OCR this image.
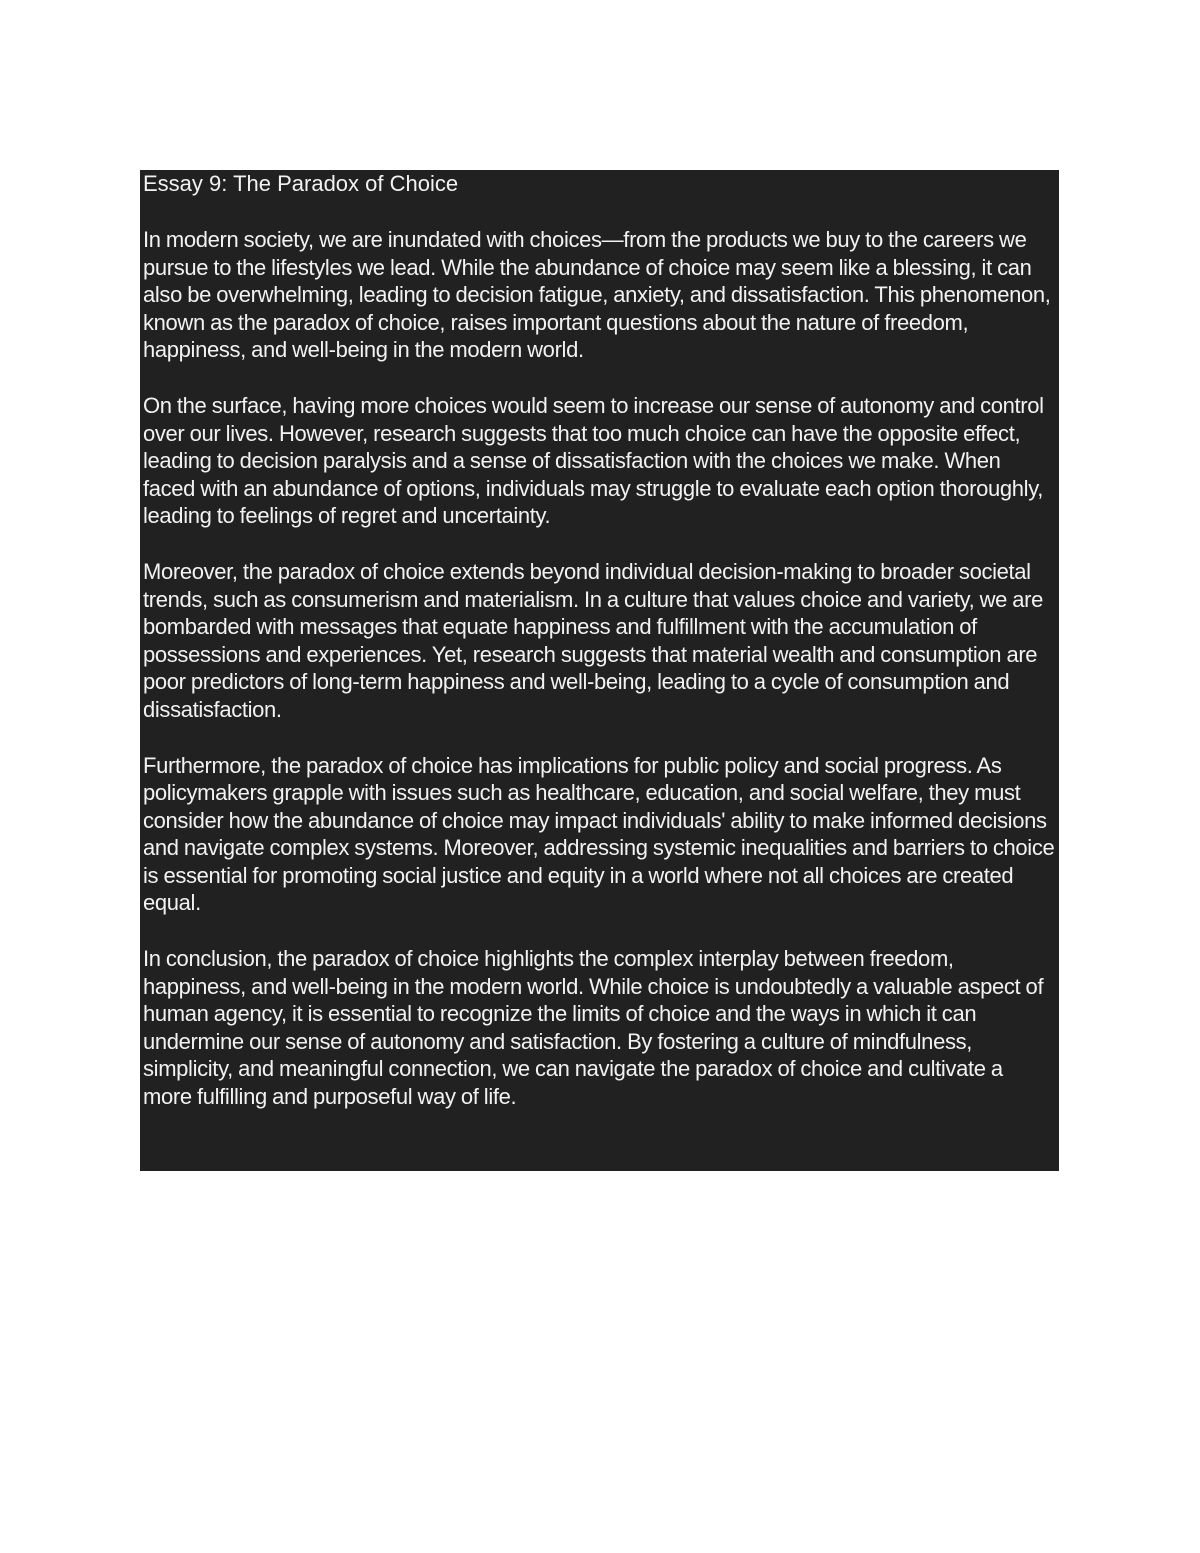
Essay 9: The Paradox of Choice

In modern society, we are inundated with choices—from the products we buy to the careers we pursue to the lifestyles we lead. While the abundance of choice may seem like a blessing, it can also be overwhelming, leading to decision fatigue, anxiety, and dissatisfaction. This phenomenon, known as the paradox of choice, raises important questions about the nature of freedom, happiness, and well-being in the modern world.

On the surface, having more choices would seem to increase our sense of autonomy and control over our lives. However, research suggests that too much choice can have the opposite effect, leading to decision paralysis and a sense of dissatisfaction with the choices we make. When faced with an abundance of options, individuals may struggle to evaluate each option thoroughly, leading to feelings of regret and uncertainty.

Moreover, the paradox of choice extends beyond individual decision-making to broader societal trends, such as consumerism and materialism. In a culture that values choice and variety, we are bombarded with messages that equate happiness and fulfillment with the accumulation of possessions and experiences. Yet, research suggests that material wealth and consumption are poor predictors of long-term happiness and well-being, leading to a cycle of consumption and dissatisfaction.

Furthermore, the paradox of choice has implications for public policy and social progress. As policymakers grapple with issues such as healthcare, education, and social welfare, they must consider how the abundance of choice may impact individuals' ability to make informed decisions and navigate complex systems. Moreover, addressing systemic inequalities and barriers to choice is essential for promoting social justice and equity in a world where not all choices are created equal.

In conclusion, the paradox of choice highlights the complex interplay between freedom, happiness, and well-being in the modern world. While choice is undoubtedly a valuable aspect of human agency, it is essential to recognize the limits of choice and the ways in which it can undermine our sense of autonomy and satisfaction. By fostering a culture of mindfulness, simplicity, and meaningful connection, we can navigate the paradox of choice and cultivate a more fulfilling and purposeful way of life.
